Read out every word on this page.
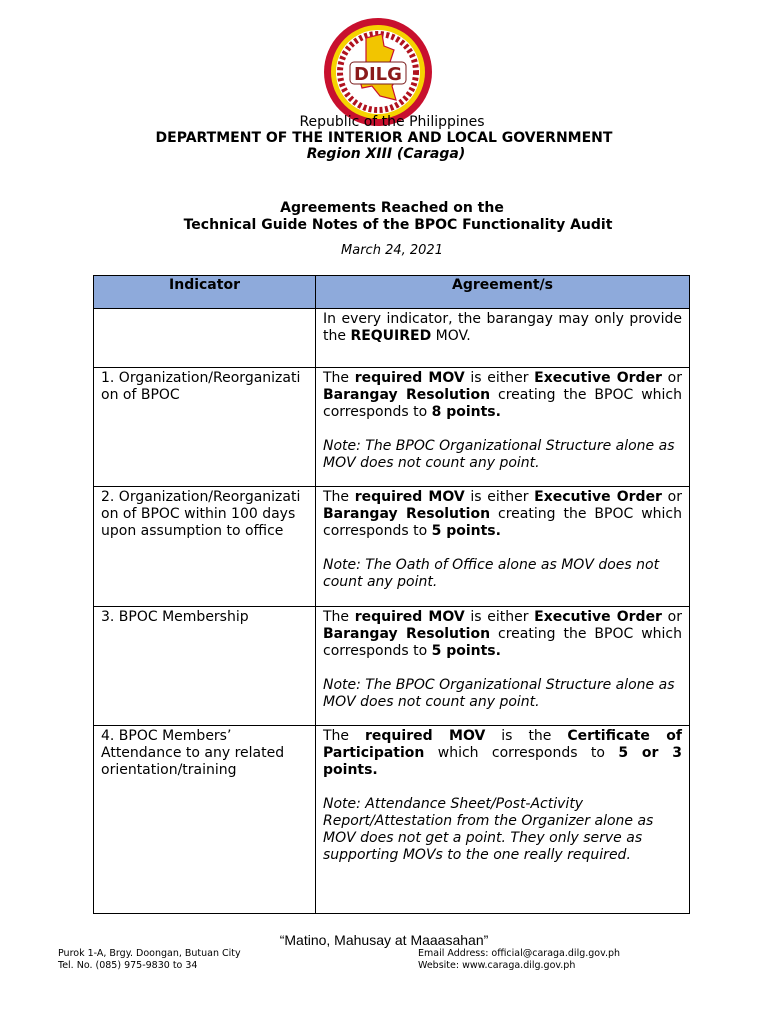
DILG
Republic of the Philippines
DEPARTMENT OF THE INTERIOR AND LOCAL GOVERNMENT
Region XIII (Caraga)
Agreements Reached on the
Technical Guide Notes of the BPOC Functionality Audit
March 24, 2021
Indicator	Agreement/s

	In every indicator, the barangay may only provide the REQUIRED MOV.

1. Organization/Reorganization of BPOC	The required MOV is either Executive Order or Barangay Resolution creating the BPOC which corresponds to 8 points.

Note: The BPOC Organizational Structure alone as MOV does not count any point.

2. Organization/Reorganization of BPOC within 100 days upon assumption to office	The required MOV is either Executive Order or Barangay Resolution creating the BPOC which corresponds to 5 points.

Note: The Oath of Office alone as MOV does not count any point.

3. BPOC Membership	The required MOV is either Executive Order or Barangay Resolution creating the BPOC which corresponds to 5 points.

Note: The BPOC Organizational Structure alone as MOV does not count any point.

4. BPOC Members’ Attendance to any related orientation/training	The required MOV is the Certificate of Participation which corresponds to 5 or 3 points.

Note: Attendance Sheet/Post-Activity Report/Attestation from the Organizer alone as MOV does not get a point. They only serve as supporting MOVs to the one really required.

“Matino, Mahusay at Maaasahan”
Purok 1-A, Brgy. Doongan, Butuan City
Tel. No. (085) 975-9830 to 34
Email Address: official@caraga.dilg.gov.ph
Website: www.caraga.dilg.gov.ph
